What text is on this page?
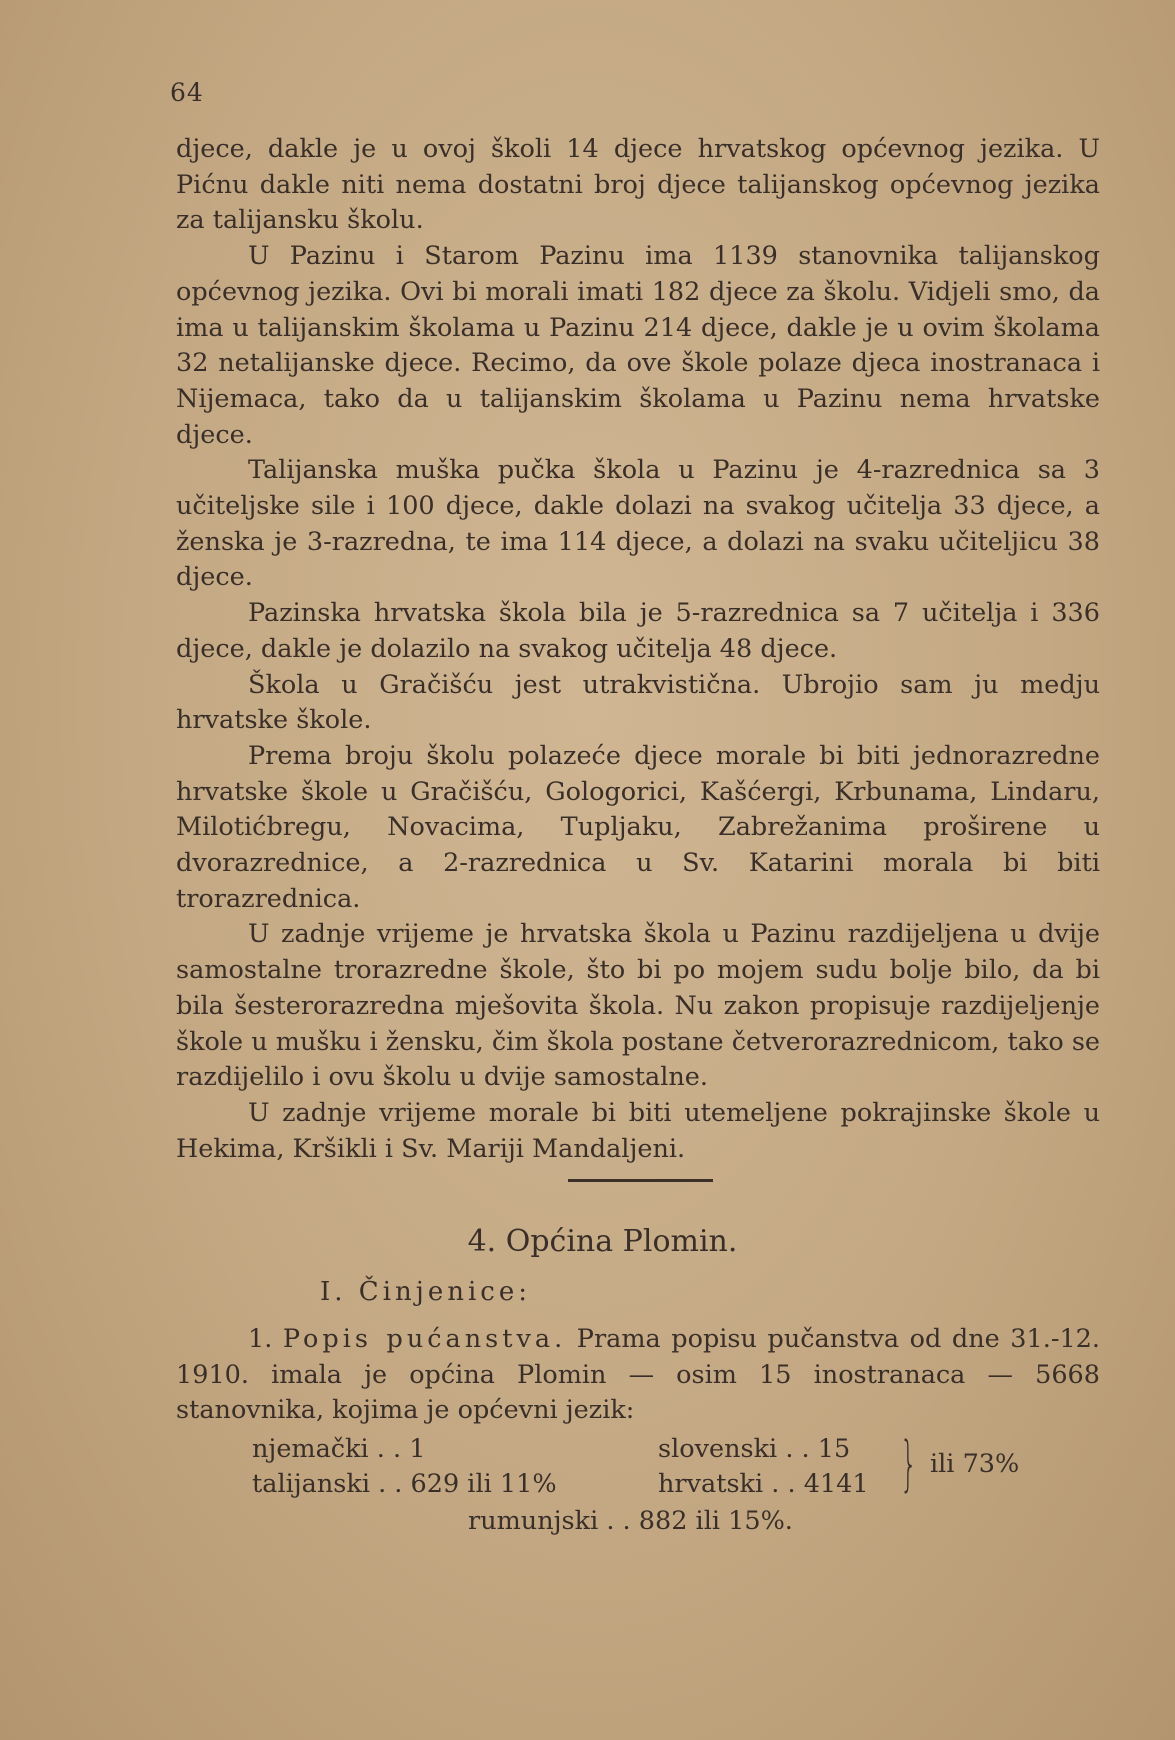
64

djece, dakle je u ovoj školi 14 djece hrvatskog općevnog jezika. U Pićnu dakle niti nema dostatni broj djece talijanskog općevnog jezika za talijansku školu.

U Pazinu i Starom Pazinu ima 1139 stanovnika talijanskog općevnog jezika. Ovi bi morali imati 182 djece za školu. Vidjeli smo, da ima u talijanskim školama u Pazinu 214 djece, dakle je u ovim školama 32 netalijanske djece. Recimo, da ove škole polaze djeca inostranaca i Nijemaca, tako da u talijanskim školama u Pazinu nema hrvatske djece.

Talijanska muška pučka škola u Pazinu je 4-razrednica sa 3 učiteljske sile i 100 djece, dakle dolazi na svakog učitelja 33 djece, a ženska je 3-razredna, te ima 114 djece, a dolazi na svaku učiteljicu 38 djece.

Pazinska hrvatska škola bila je 5-razrednica sa 7 učitelja i 336 djece, dakle je dolazilo na svakog učitelja 48 djece.

Škola u Gračišću jest utrakvistična. Ubrojio sam ju medju hrvatske škole.

Prema broju školu polazeće djece morale bi biti jednorazredne hrvatske škole u Gračišću, Gologorici, Kašćergi, Krbunama, Lindaru, Milotićbregu, Novacima, Tupljaku, Zabrežanima proširene u dvorazrednice, a 2-razrednica u Sv. Katarini morala bi biti trorazrednica.

U zadnje vrijeme je hrvatska škola u Pazinu razdijeljena u dvije samostalne trorazredne škole, što bi po mojem sudu bolje bilo, da bi bila šesterorazredna mješovita škola. Nu zakon propisuje razdijeljenje škole u mušku i žensku, čim škola postane četverorazrednicom, tako se razdijelilo i ovu školu u dvije samostalne.

U zadnje vrijeme morale bi biti utemeljene pokrajinske škole u Hekima, Kršikli i Sv. Mariji Mandaljeni.

4. Općina Plomin.
I. Činjenice:

1. Popis pućanstva. Prama popisu pučanstva od dne 31.-12. 1910. imala je općina Plomin — osim 15 inostranaca — 5668 stanovnika, kojima je općevni jezik:

njemački . . 1	slovenski . . 15
talijanski . . 629 ili 11%	hrvatski . . 4141 } ili 73%
rumunjski . . 882 ili 15%.
